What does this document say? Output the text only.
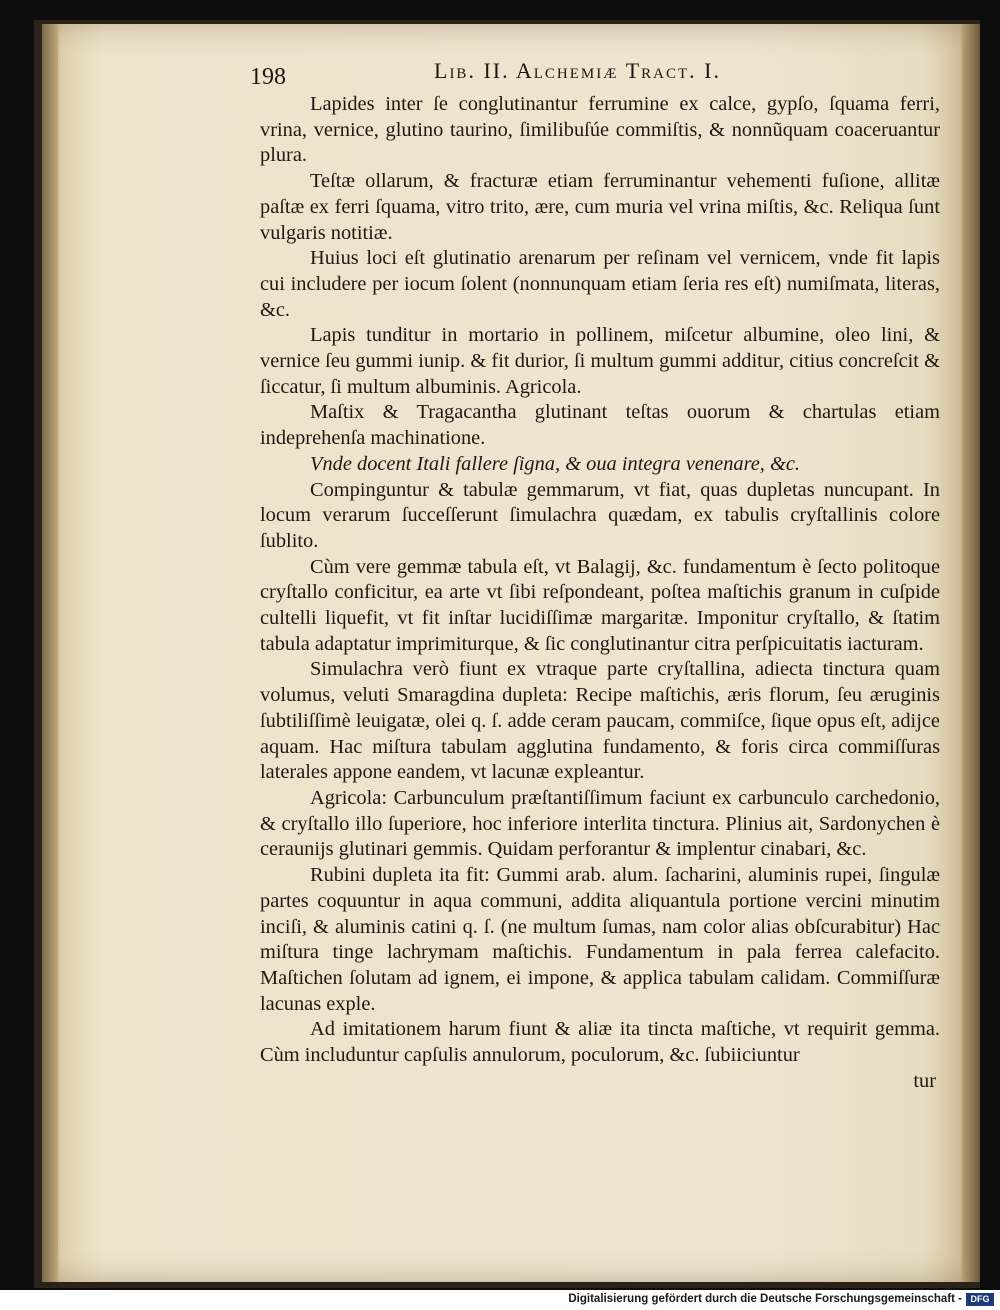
198	Lib. II. Alchemiæ Tract. I.

Lapides inter ſe conglutinantur ferrumine ex calce, gypſo, ſquama ferri, vrina, vernice, glutino taurino, ſimilibuſúe commiſtis, & nonnũquam coaceruantur plura.

Teſtæ ollarum, & fracturæ etiam ferruminantur vehementi fuſione, allitæ paſtæ ex ferri ſquama, vitro trito, ære, cum muria vel vrina miſtis, &c. Reliqua ſunt vulgaris notitiæ.

Huius loci eſt glutinatio arenarum per reſinam vel vernicem, vnde fit lapis cui includere per iocum ſolent (nonnunquam etiam ſeria res eſt) numiſmata, literas, &c.

Lapis tunditur in mortario in pollinem, miſcetur albumine, oleo lini, & vernice ſeu gummi iunip. & fit durior, ſi multum gummi additur, citius concreſcit & ſiccatur, ſi multum albuminis. Agricola.

Maſtix & Tragacantha glutinant teſtas ouorum & chartulas etiam indeprehenſa machinatione.

Vnde docent Itali fallere ſigna, & oua integra venenare, &c.

Compinguntur & tabulæ gemmarum, vt fiat, quas dupletas nuncupant. In locum verarum ſucceſſerunt ſimulachra quædam, ex tabulis cryſtallinis colore ſublito.

Cùm vere gemmæ tabula eſt, vt Balagij, &c. fundamentum è ſecto politoque cryſtallo conficitur, ea arte vt ſibi reſpondeant, poſtea maſtichis granum in cuſpide cultelli liquefit, vt fit inſtar lucidiſſimæ margaritæ. Imponitur cryſtallo, & ſtatim tabula adaptatur imprimiturque, & ſic conglutinantur citra perſpicuitatis iacturam.

Simulachra verò fiunt ex vtraque parte cryſtallina, adiecta tinctura quam volumus, veluti Smaragdina dupleta: Recipe maſtichis, æris florum, ſeu æruginis ſubtiliſſimè leuigatæ, olei q. ſ. adde ceram paucam, commiſce, ſique opus eſt, adijce aquam. Hac miſtura tabulam agglutina fundamento, & foris circa commiſſuras laterales appone eandem, vt lacunæ expleantur.

Agricola: Carbunculum præſtantiſſimum faciunt ex carbunculo carchedonio, & cryſtallo illo ſuperiore, hoc inferiore interlita tinctura. Plinius ait, Sardonychen è ceraunijs glutinari gemmis. Quidam perforantur & implentur cinabari, &c.

Rubini dupleta ita fit: Gummi arab. alum. ſacharini, aluminis rupei, ſingulæ partes coquuntur in aqua communi, addita aliquantula portione vercini minutim inciſi, & aluminis catini q. ſ. (ne multum ſumas, nam color alias obſcurabitur) Hac miſtura tinge lachrymam maſtichis. Fundamentum in pala ferrea calefacito. Maſtichen ſolutam ad ignem, ei impone, & applica tabulam calidam. Commiſſuræ lacunas exple.

Ad imitationem harum fiunt & aliæ ita tincta maſtiche, vt requirit gemma. Cùm includuntur capſulis annulorum, poculorum, &c. ſubiiciuntur

tur
Digitalisierung gefördert durch die Deutsche Forschungsgemeinschaft - DFG
